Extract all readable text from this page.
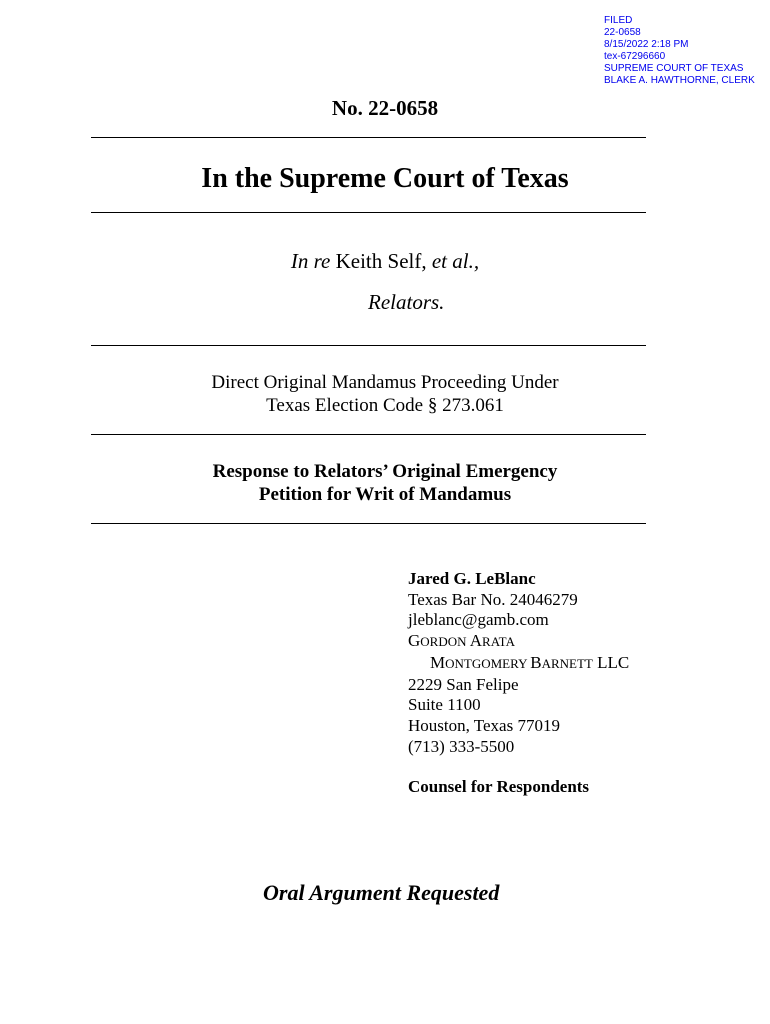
FILED
22-0658
8/15/2022 2:18 PM
tex-67296660
SUPREME COURT OF TEXAS
BLAKE A. HAWTHORNE, CLERK
No. 22-0658
In the Supreme Court of Texas
In re Keith Self, et al.,
Relators.
Direct Original Mandamus Proceeding Under
Texas Election Code § 273.061
Response to Relators’ Original Emergency
Petition for Writ of Mandamus
Jared G. LeBlanc
Texas Bar No. 24046279
jleblanc@gamb.com
GORDON ARATA
MONTGOMERY BARNETT LLC
2229 San Felipe
Suite 1100
Houston, Texas 77019
(713) 333-5500
Counsel for Respondents
Oral Argument Requested
